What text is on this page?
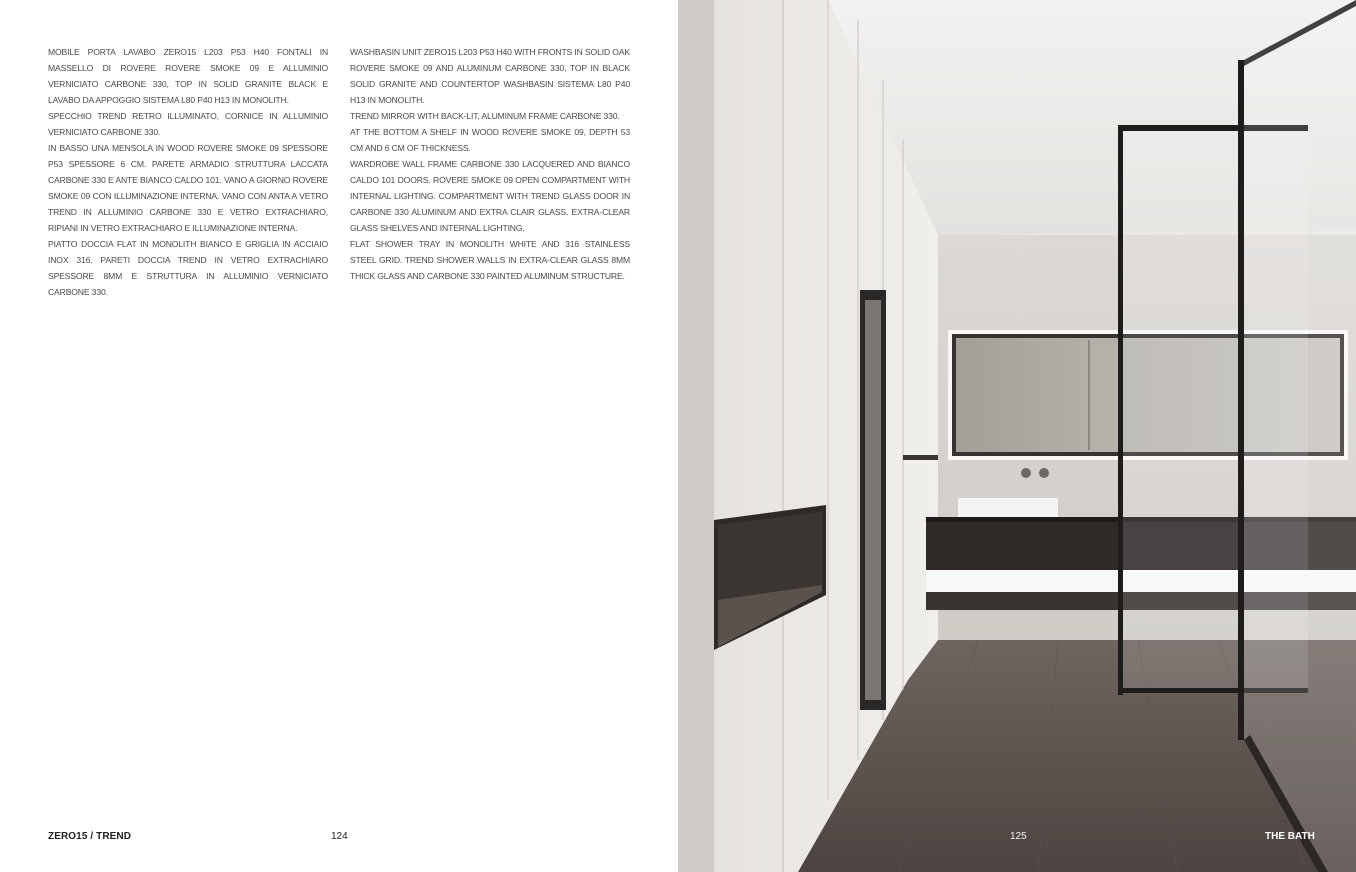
MOBILE PORTA LAVABO ZERO15 L203 P53 H40 FONTALI IN MASSELLO DI ROVERE ROVERE SMOKE 09 E ALLUMINIO VERNICIATO CARBONE 330, TOP IN SOLID GRANITE BLACK E LAVABO DA APPOGGIO SISTEMA L80 P40 H13 IN MONOLITH.

SPECCHIO TREND RETRO ILLUMINATO, CORNICE IN ALLUMINIO VERNICIATO CARBONE 330.

IN BASSO UNA MENSOLA IN WOOD ROVERE SMOKE 09 SPESSORE P53 SPESSORE 6 CM. PARETE ARMADIO STRUTTURA LACCATA CARBONE 330 E ANTE BIANCO CALDO 101. VANO A GIORNO ROVERE SMOKE 09 CON ILLUMINAZIONE INTERNA. VANO CON ANTA A VETRO TREND IN ALLUMINIO CARBONE 330 E VETRO EXTRACHIARO, RIPIANI IN VETRO EXTRACHIARO E ILLUMINAZIONE INTERNA.

PIATTO DOCCIA FLAT IN MONOLITH BIANCO E GRIGLIA IN ACCIAIO INOX 316. PARETI DOCCIA TREND IN VETRO EXTRACHIARO SPESSORE 8MM E STRUTTURA IN ALLUMINIO VERNICIATO CARBONE 330.

WASHBASIN UNIT ZERO15 L203 P53 H40 WITH FRONTS IN SOLID OAK ROVERE SMOKE 09 AND ALUMINUM CARBONE 330, TOP IN BLACK SOLID GRANITE AND COUNTERTOP WASHBASIN SISTEMA L80 P40 H13 IN MONOLITH.

TREND MIRROR WITH BACK-LIT, ALUMINUM FRAME CARBONE 330.

AT THE BOTTOM A SHELF IN WOOD ROVERE SMOKE 09, DEPTH 53 CM AND 6 CM OF THICKNESS.

WARDROBE WALL FRAME CARBONE 330 LACQUERED AND BIANCO CALDO 101 DOORS. ROVERE SMOKE 09 OPEN COMPARTMENT WITH INTERNAL LIGHTING. COMPARTMENT WITH TREND GLASS DOOR IN CARBONE 330 ALUMINUM AND EXTRA CLAIR GLASS. EXTRA-CLEAR GLASS SHELVES AND INTERNAL LIGHTING.

FLAT SHOWER TRAY IN MONOLITH WHITE AND 316 STAINLESS STEEL GRID. TREND SHOWER WALLS IN EXTRA-CLEAR GLASS 8MM THICK GLASS AND CARBONE 330 PAINTED ALUMINUM STRUCTURE.

ZERO15 / TREND	124	125	THE BATH
